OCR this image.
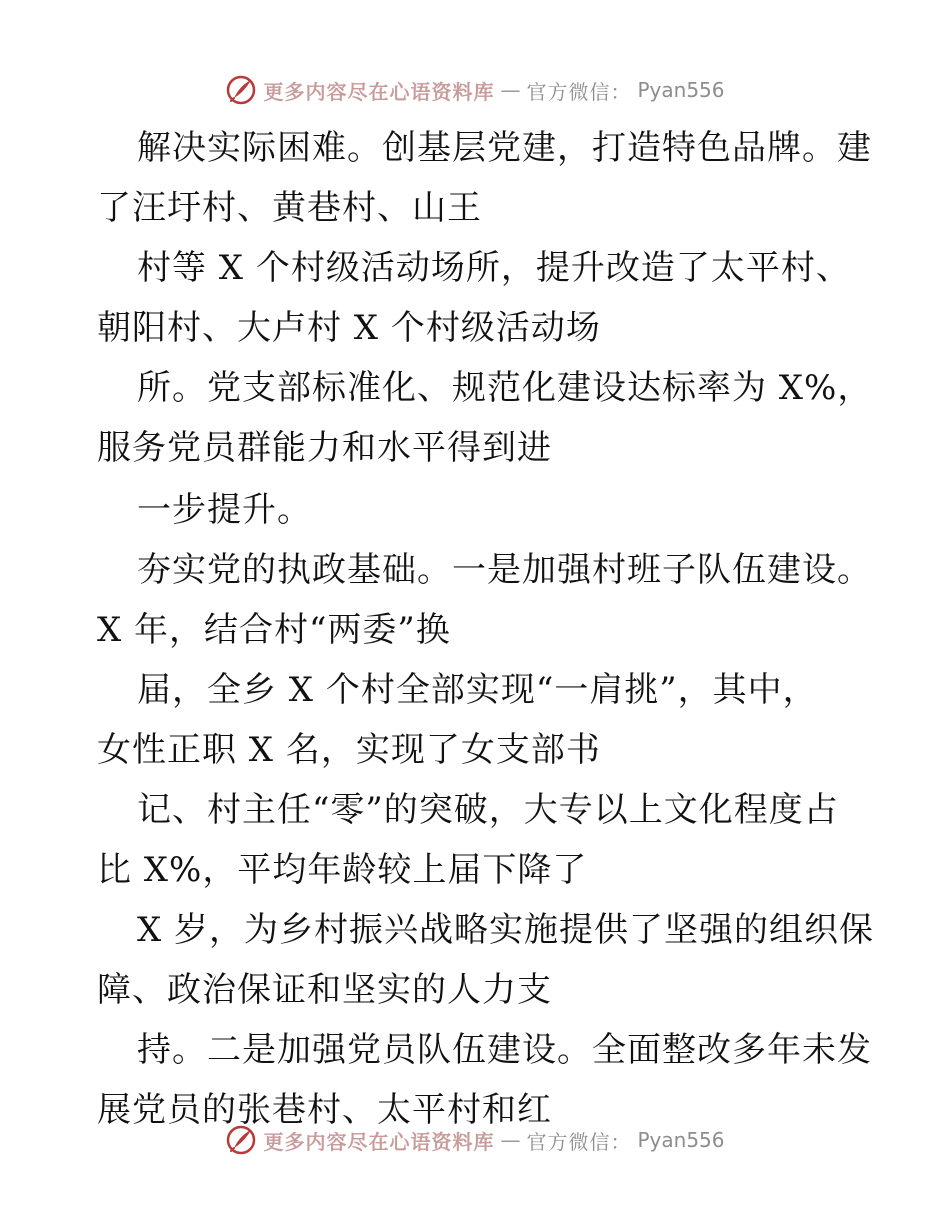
更多内容尽在心语资料库 — 官方微信： Pyan556
解决实际困难。创基层党建，打造特色品牌。建
了汪圩村、黄巷村、山王
村等 X 个村级活动场所，提升改造了太平村、
朝阳村、大卢村 X 个村级活动场
所。党支部标准化、规范化建设达标率为 X%，
服务党员群能力和水平得到进
一步提升。
夯实党的执政基础。一是加强村班子队伍建设。
X 年，结合村“两委”换
届，全乡 X 个村全部实现“一肩挑”，其中，
女性正职 X 名，实现了女支部书
记、村主任“零”的突破，大专以上文化程度占
比 X%，平均年龄较上届下降了
X 岁，为乡村振兴战略实施提供了坚强的组织保
障、政治保证和坚实的人力支
持。二是加强党员队伍建设。全面整改多年未发
展党员的张巷村、太平村和红
更多内容尽在心语资料库 — 官方微信： Pyan556
